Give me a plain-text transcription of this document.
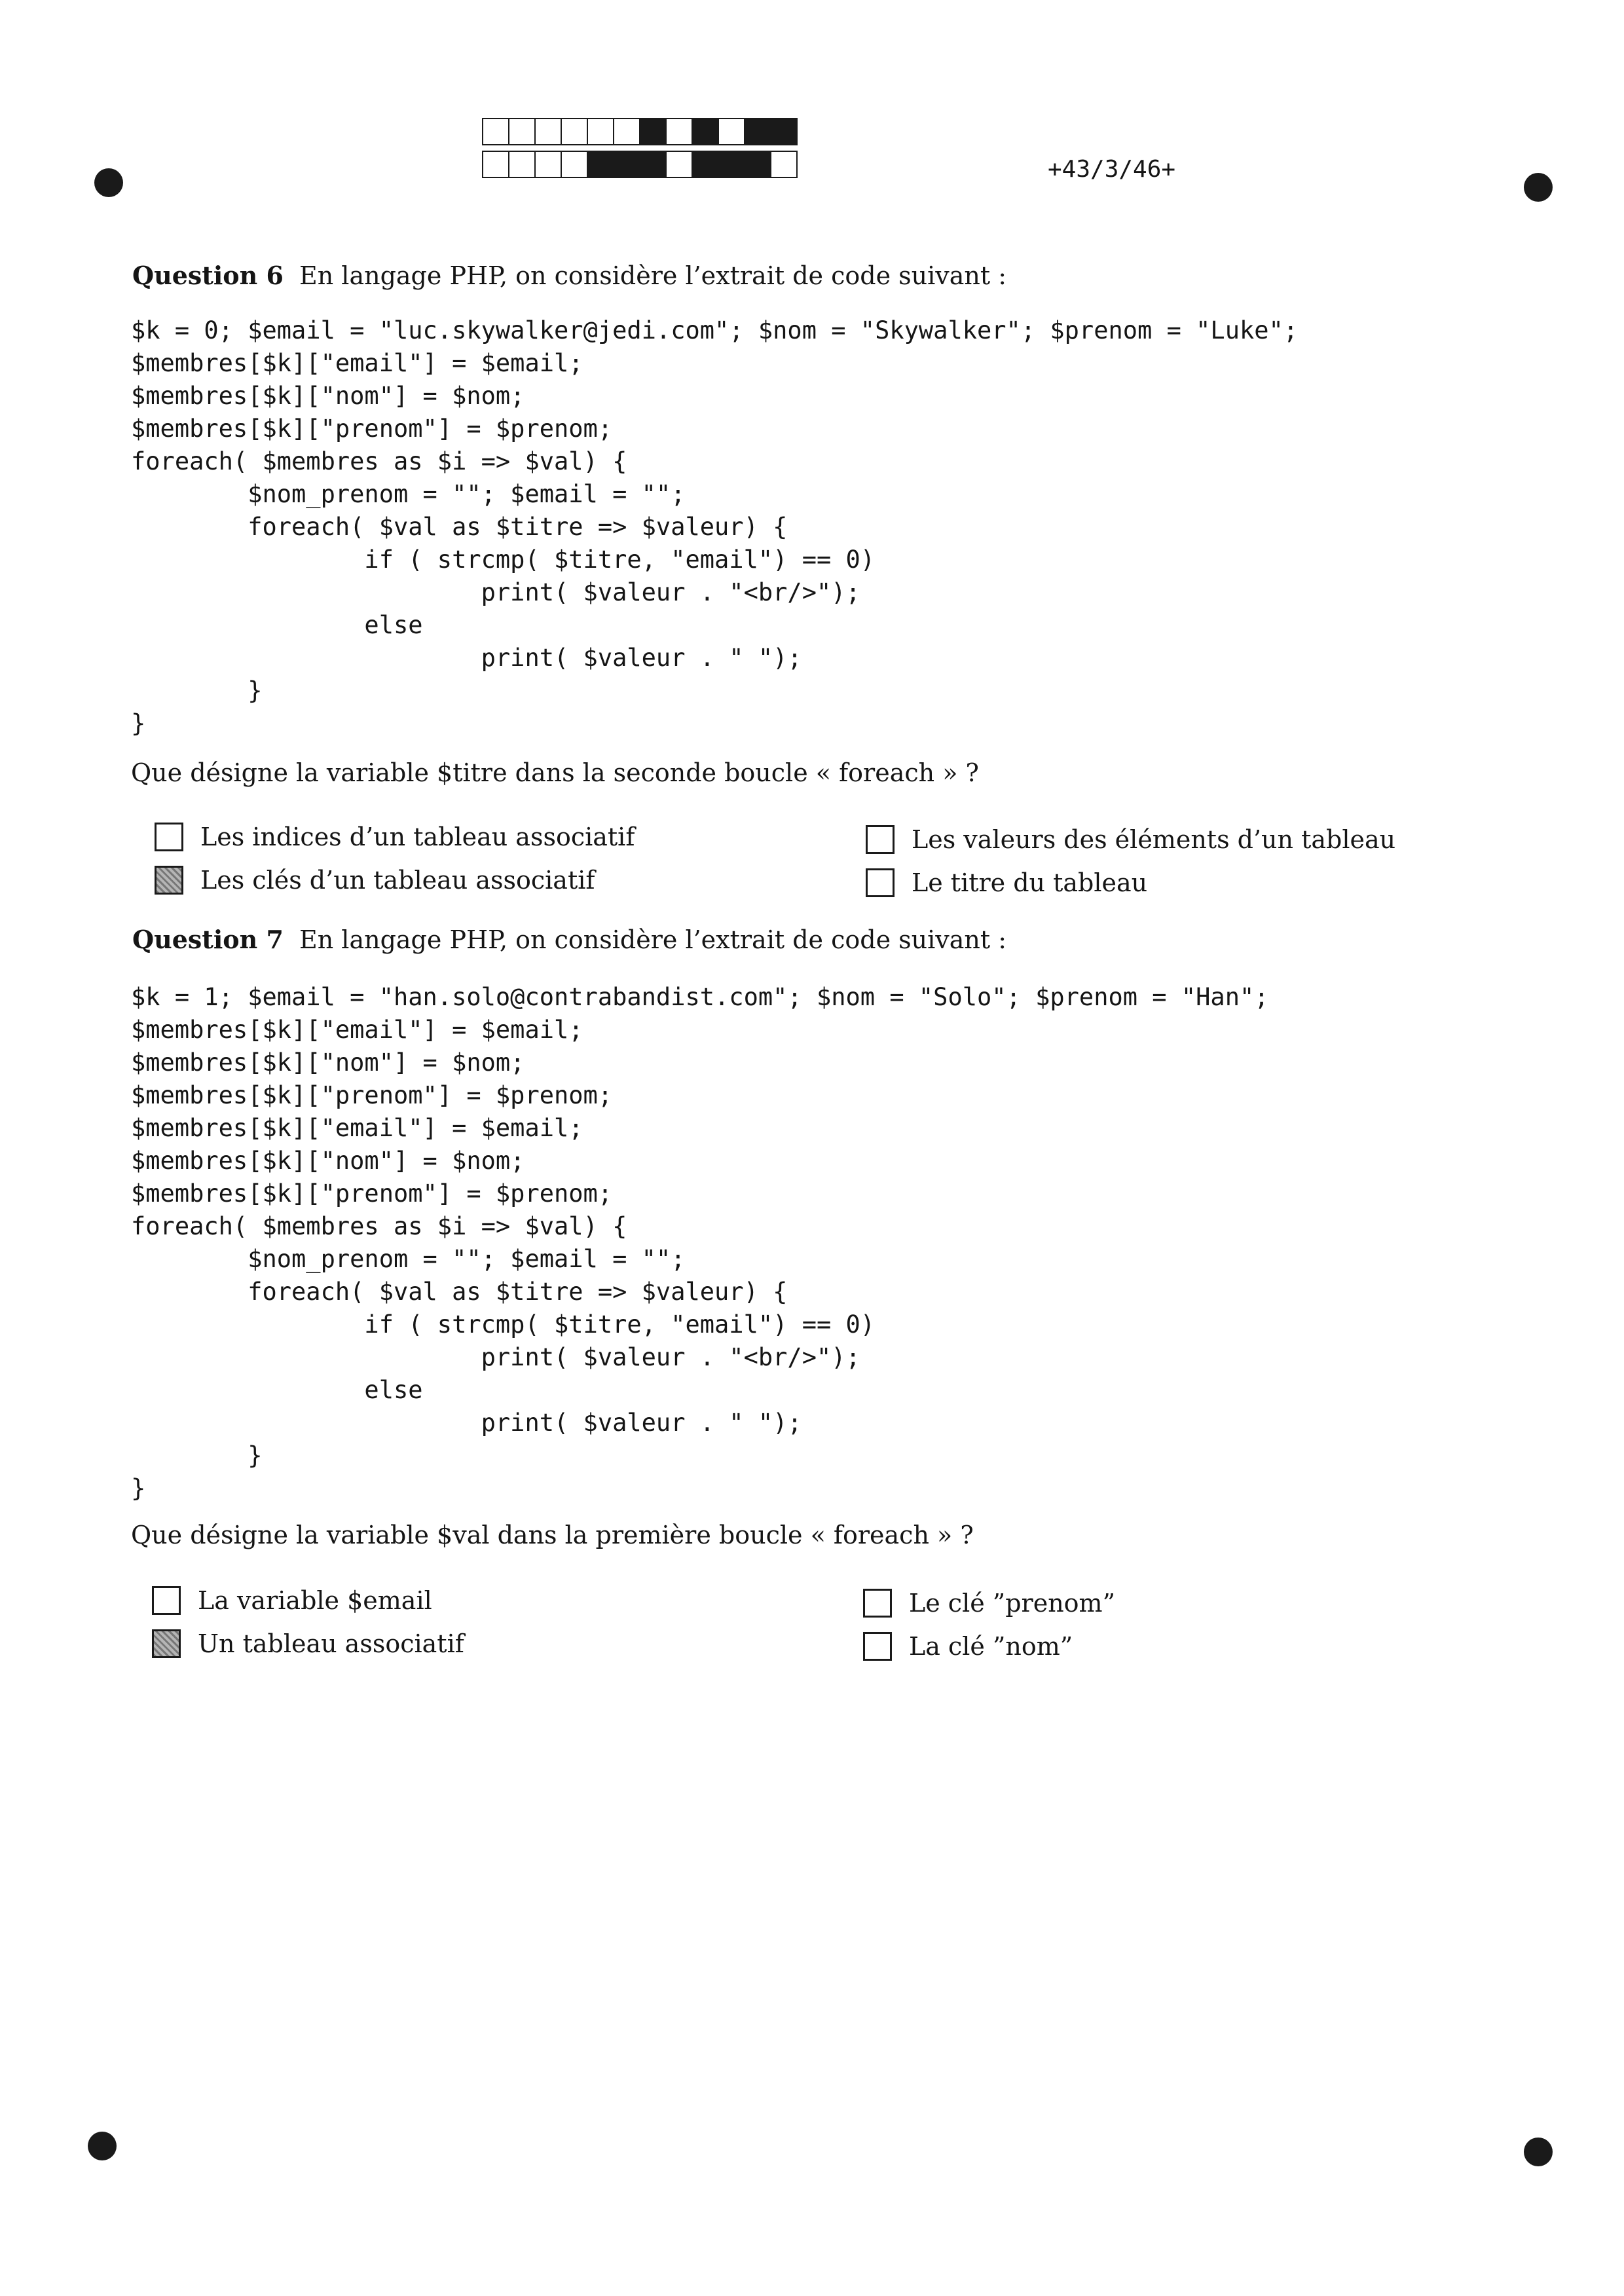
+43/3/46+
Question 6 En langage PHP, on considère l’extrait de code suivant :
$k = 0; $email = "luc.skywalker@jedi.com"; $nom = "Skywalker"; $prenom = "Luke";
$membres[$k]["email"] = $email;
$membres[$k]["nom"] = $nom;
$membres[$k]["prenom"] = $prenom;
foreach( $membres as $i => $val) {
$nom_prenom = ""; $email = "";
foreach( $val as $titre => $valeur) {
if ( strcmp( $titre, "email") == 0)
print( $valeur . "<br/>");
else
print( $valeur . " ");
}
}
Que désigne la variable $titre dans la seconde boucle « foreach » ?
Les indices d’un tableau associatif
Les clés d’un tableau associatif
Les valeurs des éléments d’un tableau
Le titre du tableau
Question 7 En langage PHP, on considère l’extrait de code suivant :
$k = 1; $email = "han.solo@contrabandist.com"; $nom = "Solo"; $prenom = "Han";
$membres[$k]["email"] = $email;
$membres[$k]["nom"] = $nom;
$membres[$k]["prenom"] = $prenom;
$membres[$k]["email"] = $email;
$membres[$k]["nom"] = $nom;
$membres[$k]["prenom"] = $prenom;
foreach( $membres as $i => $val) {
$nom_prenom = ""; $email = "";
foreach( $val as $titre => $valeur) {
if ( strcmp( $titre, "email") == 0)
print( $valeur . "<br/>");
else
print( $valeur . " ");
}
}
Que désigne la variable $val dans la première boucle « foreach » ?
La variable $email
Un tableau associatif
Le clé ”prenom”
La clé ”nom”
